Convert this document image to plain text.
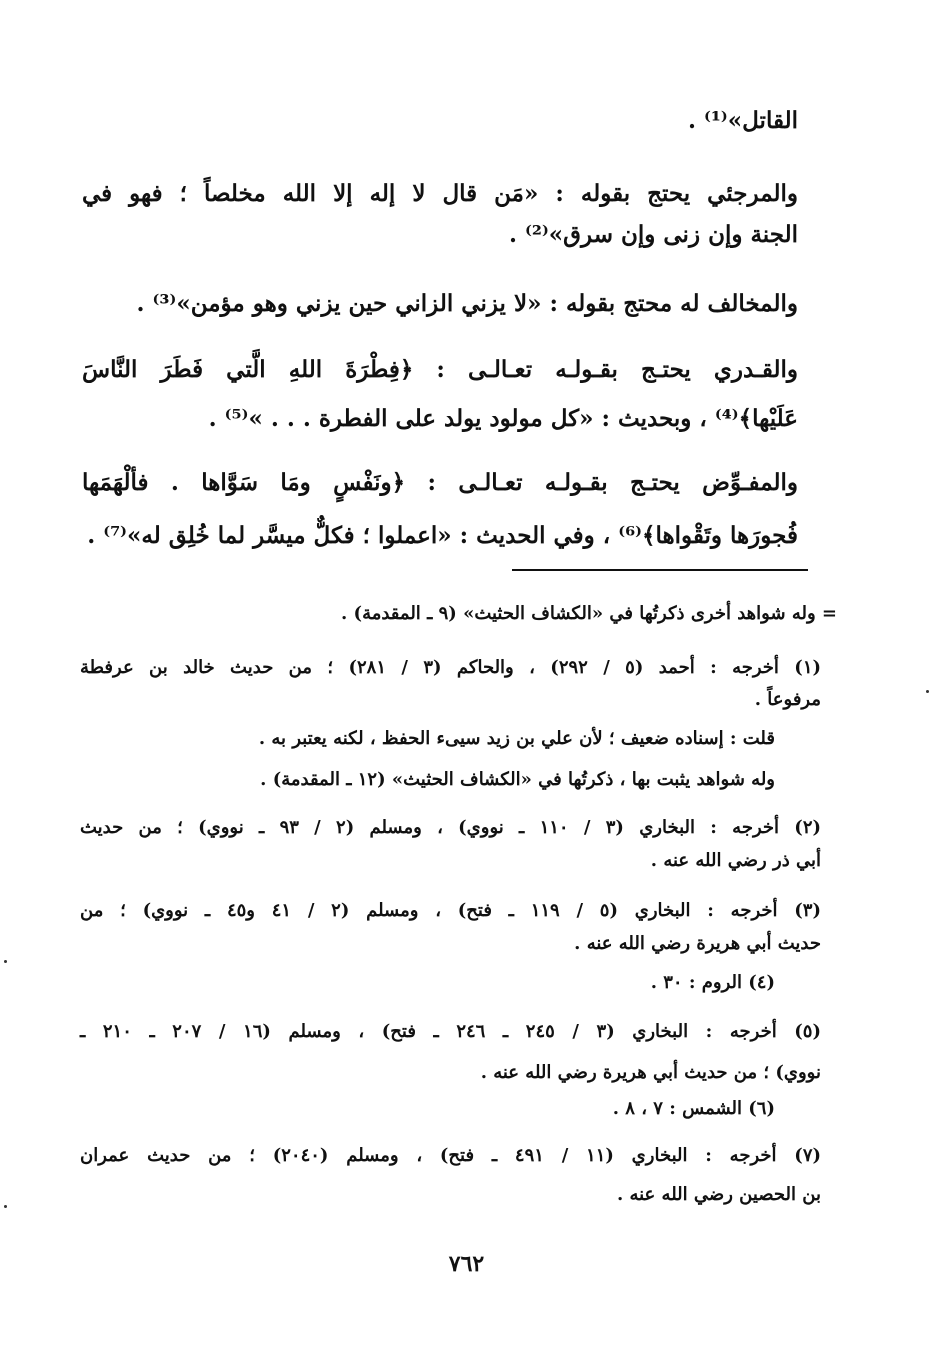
القاتل»⁽¹⁾ .
والمرجئي يحتج بقوله : «مَن قال لا إله إلا الله مخلصاً ؛ فهو في
الجنة وإن زنى وإن سرق»⁽²⁾ .
والمخالف له محتج بقوله : «لا يزني الزاني حين يزني وهو مؤمن»⁽³⁾ .
والقـدري يحتـج بقـولـه تعـالـى : ﴿فِطْرَةَ اللهِ الَّتي فَطَرَ النَّاسَ
عَلَيْها﴾⁽⁴⁾ ، وبحديث : «كل مولود يولد على الفطرة . . . »⁽⁵⁾ .
والمفـوِّض يحتـج بقـولـه تعـالـى : ﴿ونَفْسٍ ومَا سَوَّاها . فألْهَمَها
فُجورَها وتَقْواها﴾⁽⁶⁾ ، وفي الحديث : «اعملوا ؛ فكلٌّ ميسَّر لما خُلِق له»⁽⁷⁾ .
= وله شواهد أخرى ذكرتُها في «الكشاف الحثيث» (٩ ـ المقدمة) .
(١) أخرجه : أحمد (٥ / ٢٩٢) ، والحاكم (٣ / ٢٨١) ؛ من حديث خالد بن عرفطة
مرفوعاً .
قلت : إسناده ضعيف ؛ لأن علي بن زيد سيىء الحفظ ، لكنه يعتبر به .
وله شواهد يثبت بها ، ذكرتُها في «الكشاف الحثيث» (١٢ ـ المقدمة) .
(٢) أخرجه : البخاري (٣ / ١١٠ ـ نووي) ، ومسلم (٢ / ٩٣ ـ نووي) ؛ من حديث
أبي ذر رضي الله عنه .
(٣) أخرجه : البخاري (٥ / ١١٩ ـ فتح) ، ومسلم (٢ / ٤١ و٤٥ ـ نووي) ؛ من
حديث أبي هريرة رضي الله عنه .
(٤) الروم : ٣٠ .
(٥) أخرجه : البخاري (٣ / ٢٤٥ ـ ٢٤٦ ـ فتح) ، ومسلم (١٦ / ٢٠٧ ـ ٢١٠ ـ
نووي) ؛ من حديث أبي هريرة رضي الله عنه .
(٦) الشمس : ٧ ، ٨ .
(٧) أخرجه : البخاري (١١ / ٤٩١ ـ فتح) ، ومسلم (٢٠٤٠) ؛ من حديث عمران
بن الحصين رضي الله عنه .
٧٦٢
